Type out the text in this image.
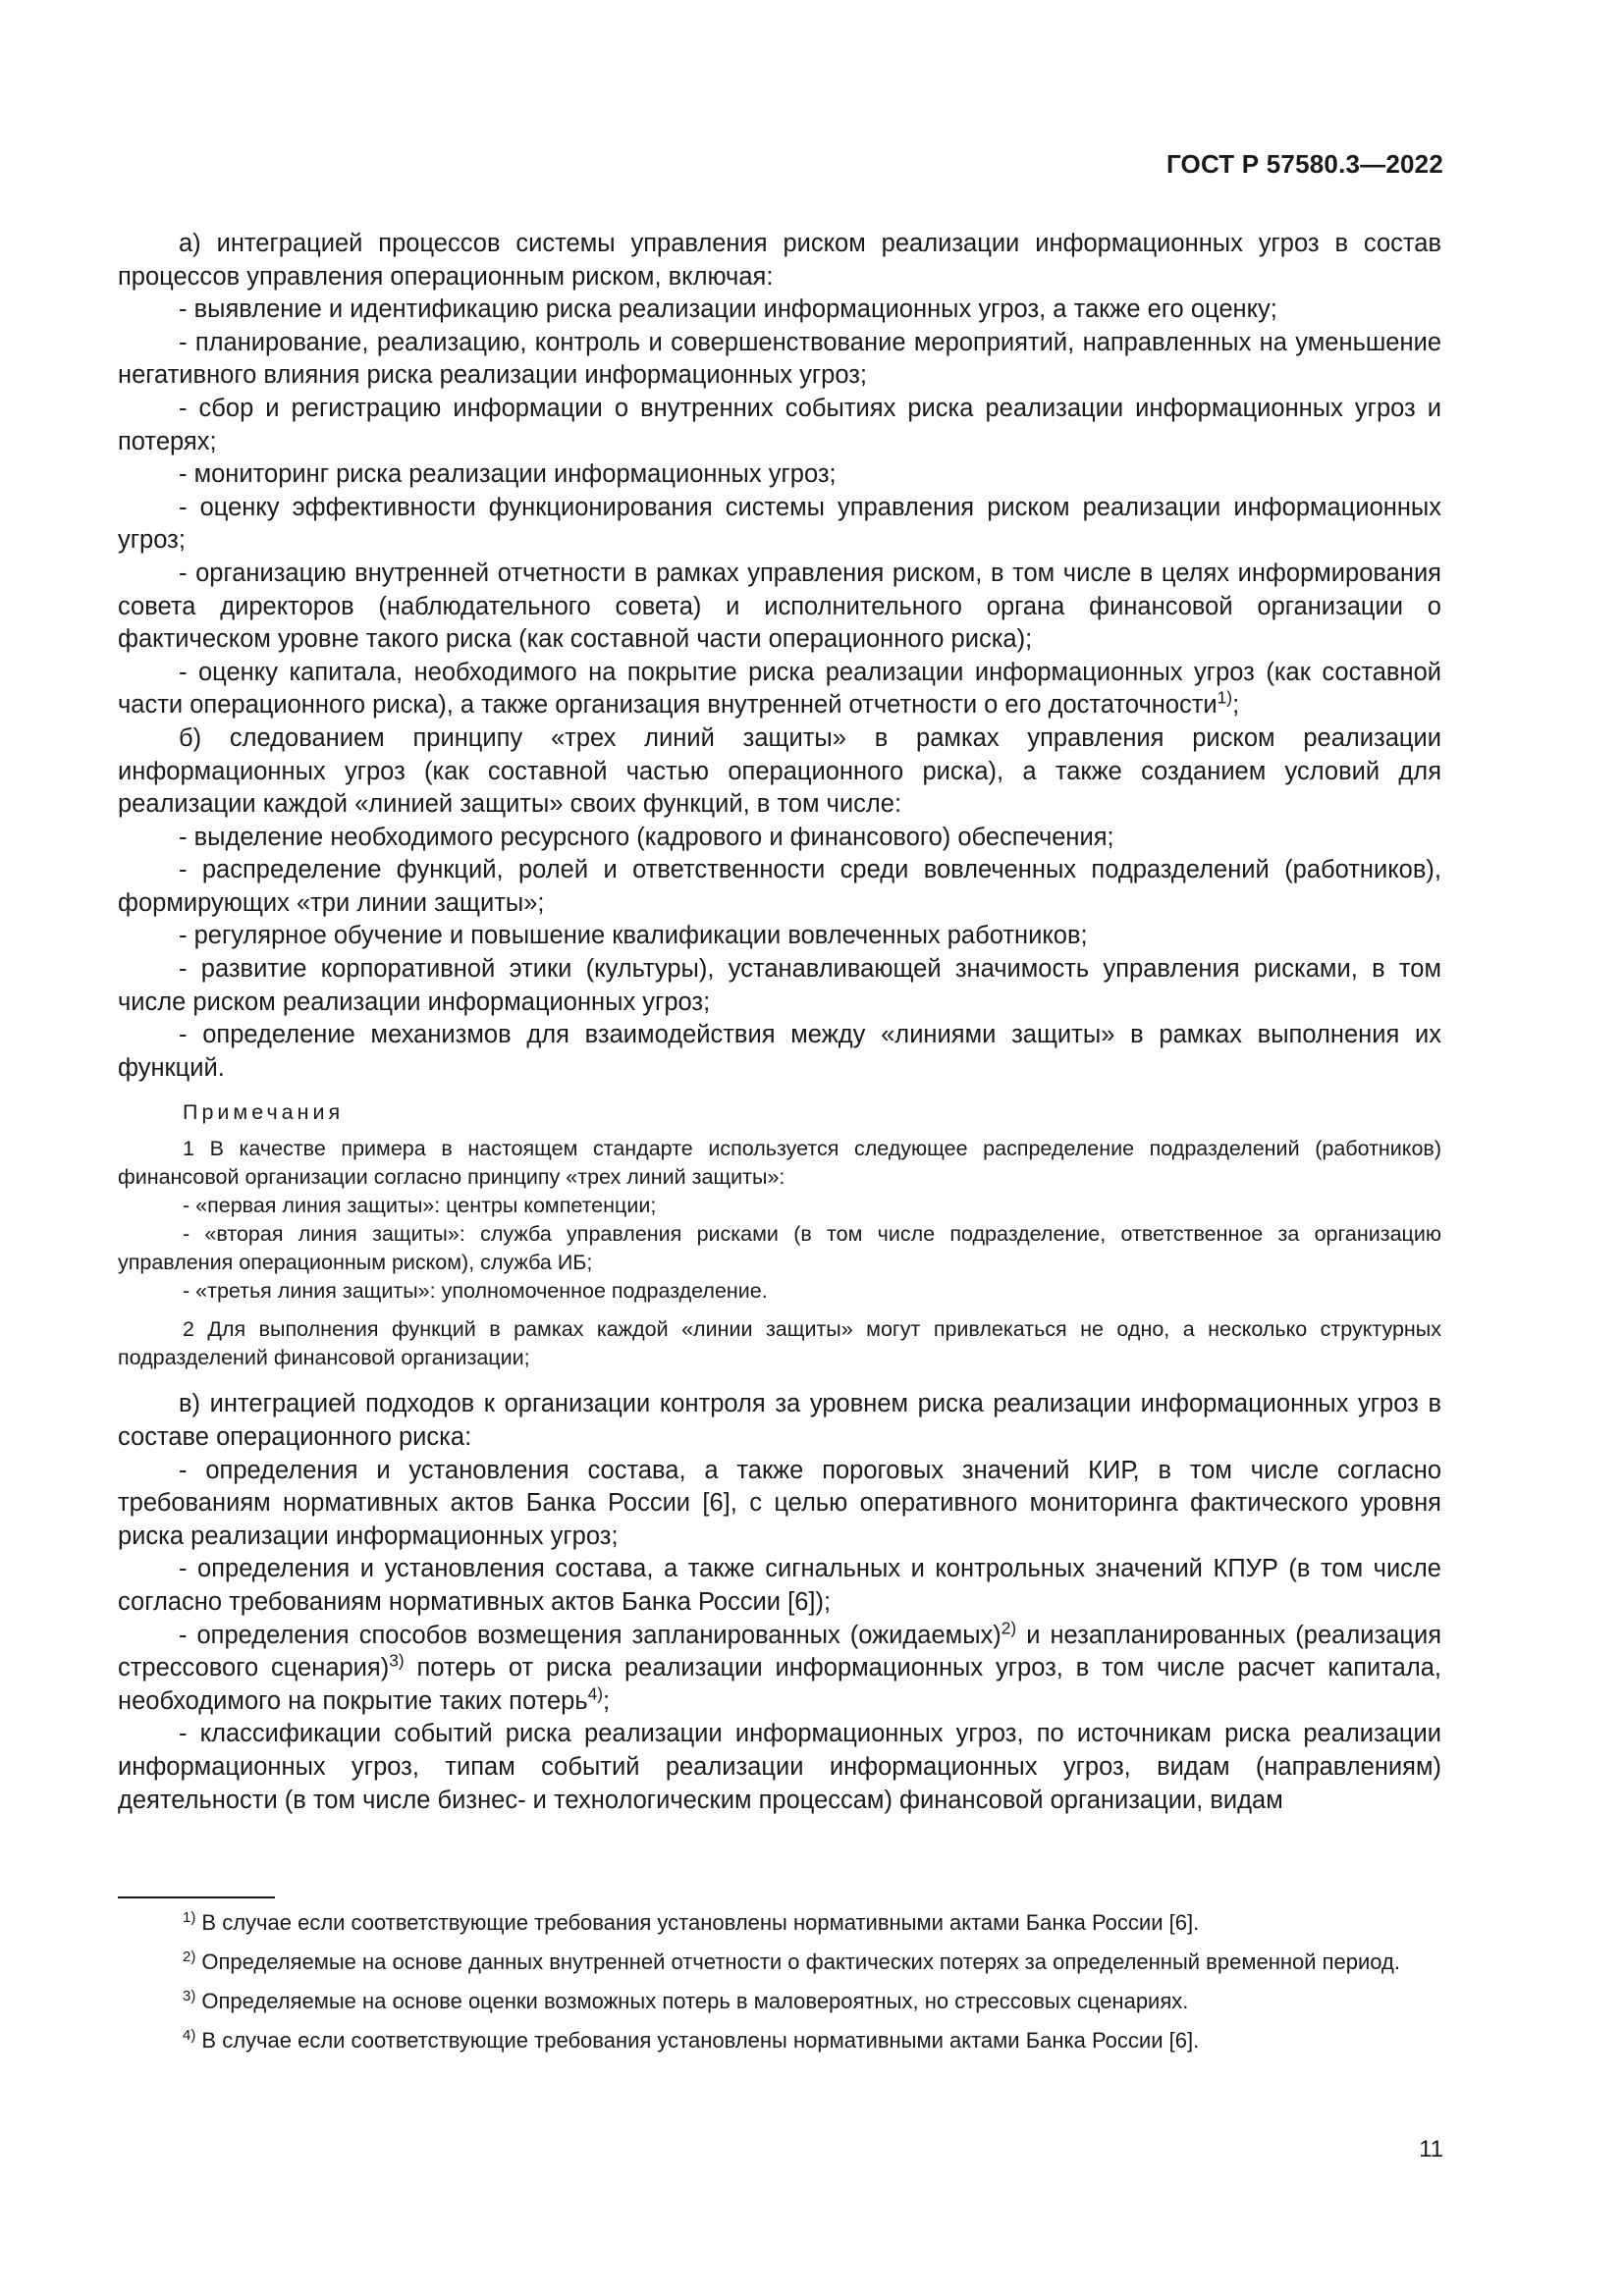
ГОСТ Р 57580.3—2022

а) интеграцией процессов системы управления риском реализации информационных угроз в состав процессов управления операционным риском, включая:

- выявление и идентификацию риска реализации информационных угроз, а также его оценку;

- планирование, реализацию, контроль и совершенствование мероприятий, направленных на уменьшение негативного влияния риска реализации информационных угроз;

- сбор и регистрацию информации о внутренних событиях риска реализации информационных угроз и потерях;

- мониторинг риска реализации информационных угроз;

- оценку эффективности функционирования системы управления риском реализации информационных угроз;

- организацию внутренней отчетности в рамках управления риском, в том числе в целях информирования совета директоров (наблюдательного совета) и исполнительного органа финансовой организации о фактическом уровне такого риска (как составной части операционного риска);

- оценку капитала, необходимого на покрытие риска реализации информационных угроз (как составной части операционного риска), а также организация внутренней отчетности о его достаточности$^{1)}$;

б) следованием принципу «трех линий защиты» в рамках управления риском реализации информационных угроз (как составной частью операционного риска), а также созданием условий для реализации каждой «линией защиты» своих функций, в том числе:

- выделение необходимого ресурсного (кадрового и финансового) обеспечения;

- распределение функций, ролей и ответственности среди вовлеченных подразделений (работников), формирующих «три линии защиты»;

- регулярное обучение и повышение квалификации вовлеченных работников;

- развитие корпоративной этики (культуры), устанавливающей значимость управления рисками, в том числе риском реализации информационных угроз;

- определение механизмов для взаимодействия между «линиями защиты» в рамках выполнения их функций.

Примечания

1 В качестве примера в настоящем стандарте используется следующее распределение подразделений (работников) финансовой организации согласно принципу «трех линий защиты»:

- «первая линия защиты»: центры компетенции;

- «вторая линия защиты»: служба управления рисками (в том числе подразделение, ответственное за организацию управления операционным риском), служба ИБ;

- «третья линия защиты»: уполномоченное подразделение.

2 Для выполнения функций в рамках каждой «линии защиты» могут привлекаться не одно, а несколько структурных подразделений финансовой организации;

в) интеграцией подходов к организации контроля за уровнем риска реализации информационных угроз в составе операционного риска:

- определения и установления состава, а также пороговых значений КИР, в том числе согласно требованиям нормативных актов Банка России [6], с целью оперативного мониторинга фактического уровня риска реализации информационных угроз;

- определения и установления состава, а также сигнальных и контрольных значений КПУР (в том числе согласно требованиям нормативных актов Банка России [6]);

- определения способов возмещения запланированных (ожидаемых)$^{2)}$ и незапланированных (реализация стрессового сценария)$^{3)}$ потерь от риска реализации информационных угроз, в том числе расчет капитала, необходимого на покрытие таких потерь$^{4)}$;

- классификации событий риска реализации информационных угроз, по источникам риска реализации информационных угроз, типам событий реализации информационных угроз, видам (направлениям) деятельности (в том числе бизнес- и технологическим процессам) финансовой организации, видам

$^{1)}$ В случае если соответствующие требования установлены нормативными актами Банка России [6].

$^{2)}$ Определяемые на основе данных внутренней отчетности о фактических потерях за определенный временной период.

$^{3)}$ Определяемые на основе оценки возможных потерь в маловероятных, но стрессовых сценариях.

$^{4)}$ В случае если соответствующие требования установлены нормативными актами Банка России [6].

11
